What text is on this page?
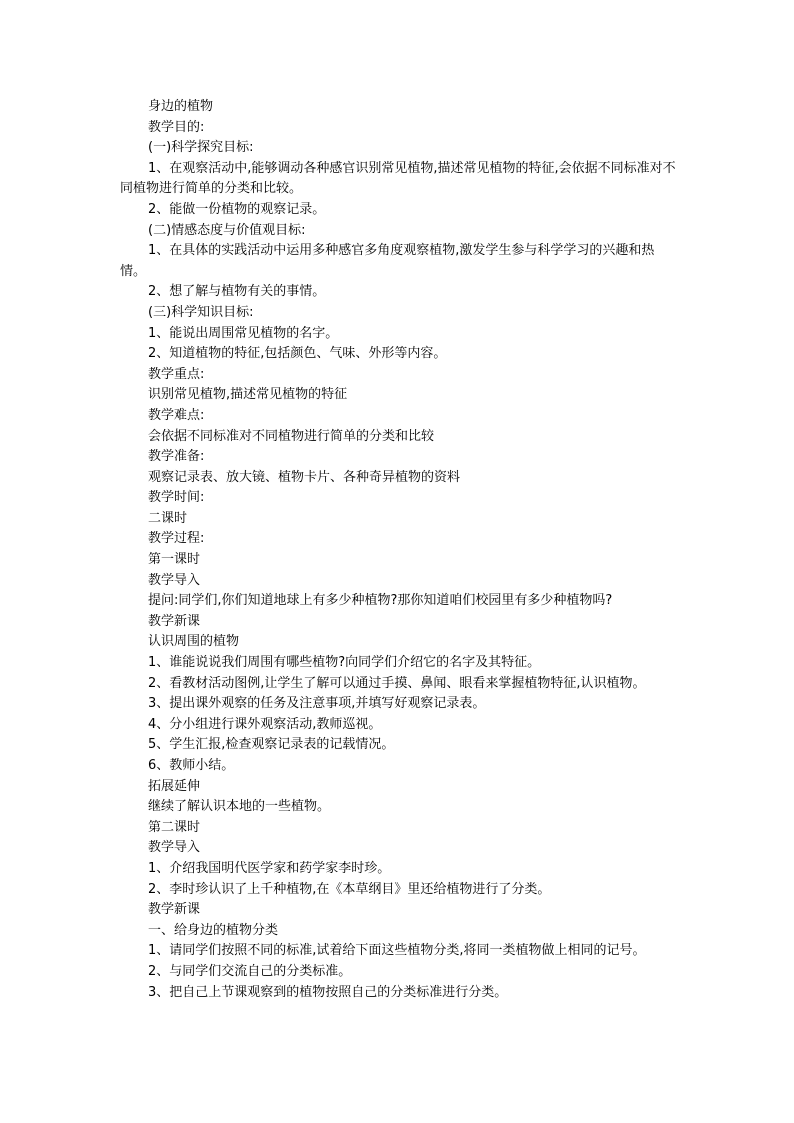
身边的植物

教学目的:

(一)科学探究目标:

1、在观察活动中,能够调动各种感官识别常见植物,描述常见植物的特征,会依据不同标准对不同植物进行简单的分类和比较。

2、能做一份植物的观察记录。

(二)情感态度与价值观目标:

1、在具体的实践活动中运用多种感官多角度观察植物,激发学生参与科学学习的兴趣和热情。

2、想了解与植物有关的事情。

(三)科学知识目标:

1、能说出周围常见植物的名字。

2、知道植物的特征,包括颜色、气味、外形等内容。

教学重点:

识别常见植物,描述常见植物的特征

教学难点:

会依据不同标准对不同植物进行简单的分类和比较

教学准备:

观察记录表、放大镜、植物卡片、各种奇异植物的资料

教学时间:

二课时

教学过程:

第一课时

教学导入

提问:同学们,你们知道地球上有多少种植物?那你知道咱们校园里有多少种植物吗?

教学新课

认识周围的植物

1、谁能说说我们周围有哪些植物?向同学们介绍它的名字及其特征。

2、看教材活动图例,让学生了解可以通过手摸、鼻闻、眼看来掌握植物特征,认识植物。

3、提出课外观察的任务及注意事项,并填写好观察记录表。

4、分小组进行课外观察活动,教师巡视。

5、学生汇报,检查观察记录表的记载情况。

6、教师小结。

拓展延伸

继续了解认识本地的一些植物。

第二课时

教学导入

1、介绍我国明代医学家和药学家李时珍。

2、李时珍认识了上千种植物,在《本草纲目》里还给植物进行了分类。

教学新课

一、给身边的植物分类

1、请同学们按照不同的标准,试着给下面这些植物分类,将同一类植物做上相同的记号。

2、与同学们交流自己的分类标准。

3、把自己上节课观察到的植物按照自己的分类标准进行分类。
